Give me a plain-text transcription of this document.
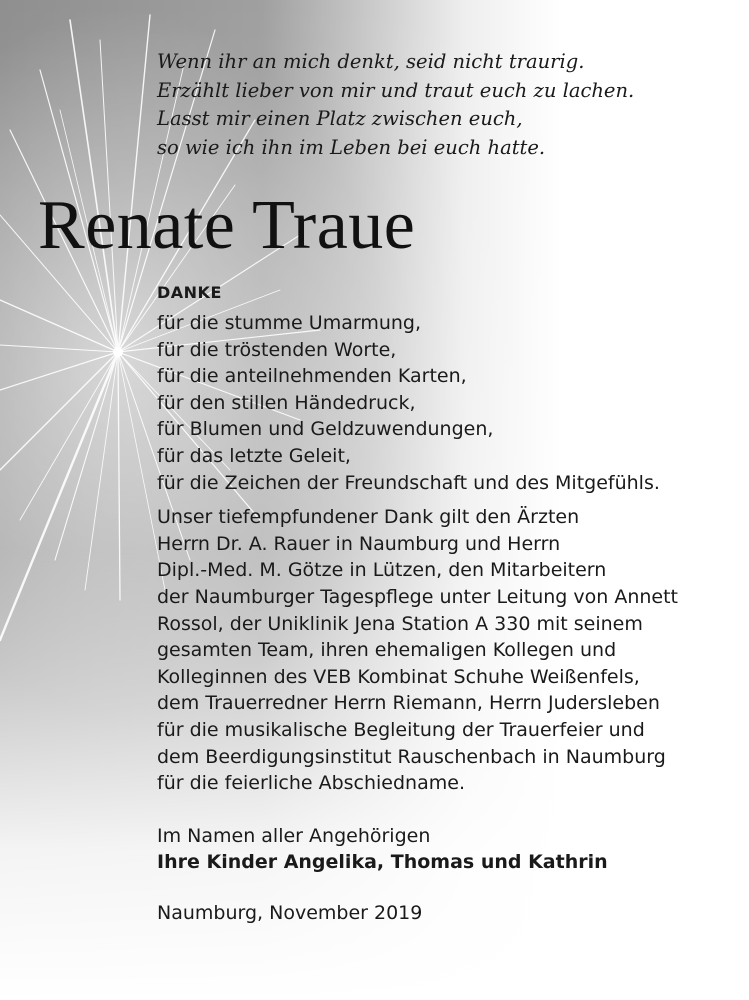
Wenn ihr an mich denkt, seid nicht traurig.
Erzählt lieber von mir und traut euch zu lachen.
Lasst mir einen Platz zwischen euch,
so wie ich ihn im Leben bei euch hatte.

Renate Traue
DANKE
für die stumme Umarmung,
für die tröstenden Worte,
für die anteilnehmenden Karten,
für den stillen Händedruck,
für Blumen und Geldzuwendungen,
für das letzte Geleit,
für die Zeichen der Freundschaft und des Mitgefühls.
Unser tiefempfundener Dank gilt den Ärzten
Herrn Dr. A. Rauer in Naumburg und Herrn
Dipl.-Med. M. Götze in Lützen, den Mitarbeitern
der Naumburger Tagespflege unter Leitung von Annett
Rossol, der Uniklinik Jena Station A 330 mit seinem
gesamten Team, ihren ehemaligen Kollegen und
Kolleginnen des VEB Kombinat Schuhe Weißenfels,
dem Trauerredner Herrn Riemann, Herrn Judersleben
für die musikalische Begleitung der Trauerfeier und
dem Beerdigungsinstitut Rauschenbach in Naumburg
für die feierliche Abschiedname.
Im Namen aller Angehörigen
Ihre Kinder Angelika, Thomas und Kathrin
Naumburg, November 2019
